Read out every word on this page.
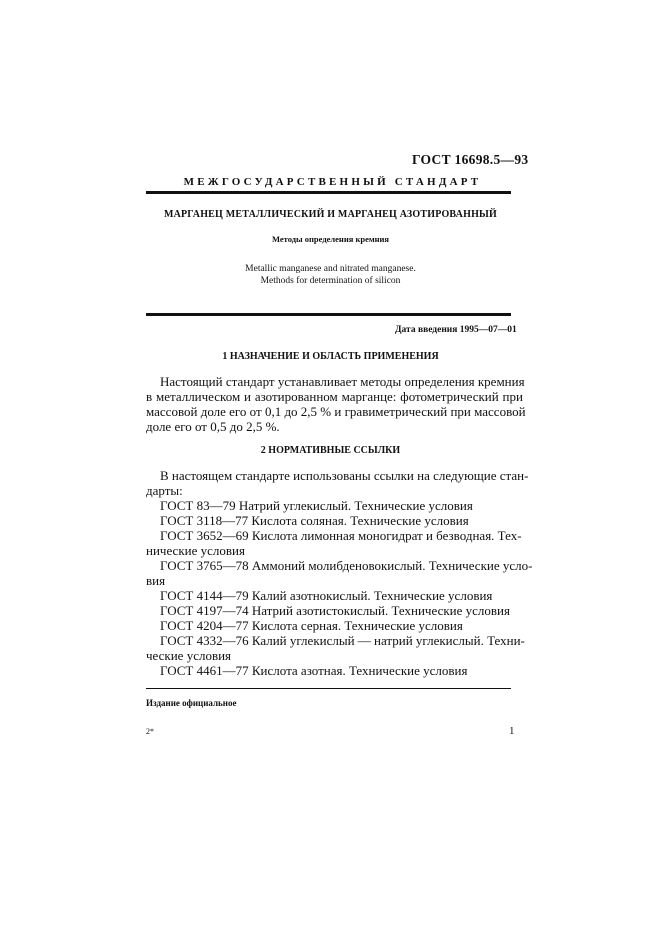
ГОСТ 16698.5—93
МЕЖГОСУДАРСТВЕННЫЙ СТАНДАРТ
МАРГАНЕЦ МЕТАЛЛИЧЕСКИЙ И МАРГАНЕЦ АЗОТИРОВАННЫЙ
Методы определения кремния
Metallic manganese and nitrated manganese.
Methods for determination of silicon
Дата введения 1995—07—01
1 НАЗНАЧЕНИЕ И ОБЛАСТЬ ПРИМЕНЕНИЯ
Настоящий стандарт устанавливает методы определения кремния
в металлическом и азотированном марганце: фотометрический при
массовой доле его от 0,1 до 2,5 % и гравиметрический при массовой
доле его от 0,5 до 2,5 %.
2 НОРМАТИВНЫЕ ССЫЛКИ
В настоящем стандарте использованы ссылки на следующие стан-
дарты:
ГОСТ 83—79 Натрий углекислый. Технические условия
ГОСТ 3118—77 Кислота соляная. Технические условия
ГОСТ 3652—69 Кислота лимонная моногидрат и безводная. Тех-
нические условия
ГОСТ 3765—78 Аммоний молибденовокислый. Технические усло-
вия
ГОСТ 4144—79 Калий азотнокислый. Технические условия
ГОСТ 4197—74 Натрий азотистокислый. Технические условия
ГОСТ 4204—77 Кислота серная. Технические условия
ГОСТ 4332—76 Калий углекислый — натрий углекислый. Техни-
ческие условия
ГОСТ 4461—77 Кислота азотная. Технические условия
Издание официальное
2*	1
